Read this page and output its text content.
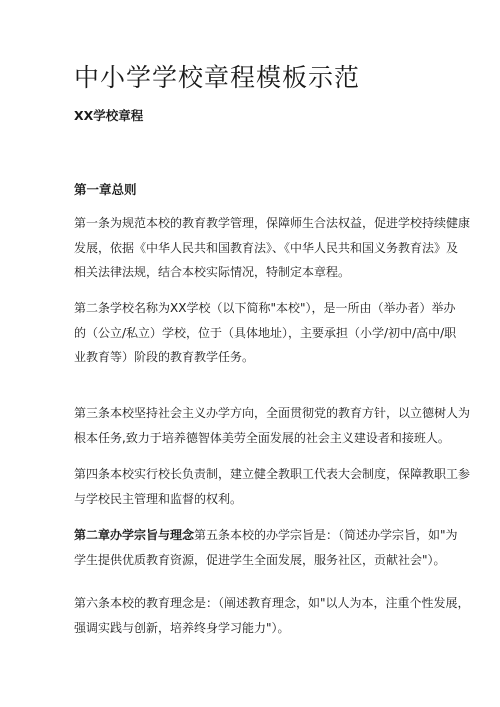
中小学学校章程模板示范
XX学校章程
第一章总则

第一条为规范本校的教育教学管理，保障师生合法权益，促进学校持续健康
发展，依据《中华人民共和国教育法》、《中华人民共和国义务教育法》及
相关法律法规，结合本校实际情况，特制定本章程。

第二条学校名称为XX学校（以下简称"本校"），是一所由（举办者）举办
的（公立/私立）学校，位于（具体地址），主要承担（小学/初中/高中/职
业教育等）阶段的教育教学任务。

第三条本校坚持社会主义办学方向，全面贯彻党的教育方针，以立德树人为
根本任务,致力于培养德智体美劳全面发展的社会主义建设者和接班人。

第四条本校实行校长负责制，建立健全教职工代表大会制度，保障教职工参
与学校民主管理和监督的权利。

第二章办学宗旨与理念第五条本校的办学宗旨是：（简述办学宗旨，如"为
学生提供优质教育资源，促进学生全面发展，服务社区，贡献社会"）。

第六条本校的教育理念是：（阐述教育理念，如"以人为本，注重个性发展，
强调实践与创新，培养终身学习能力"）。
